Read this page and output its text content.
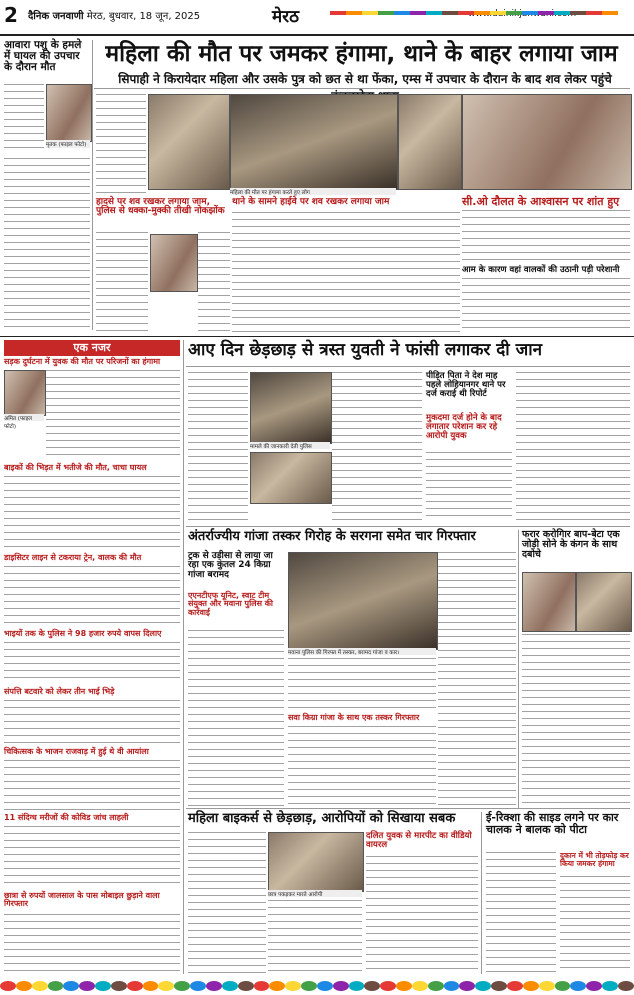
2 दैनिक जनवाणी मेरठ, बुधवार, 18 जून, 2025	मेरठ
आवारा पशु के हमले में घायल की उपचार के दौरान मौत
मृतक (फाइल फोटो)
महिला की मौत पर जमकर हंगामा, थाने के बाहर लगाया जाम
सिपाही ने किरायेदार महिला और उसके पुत्र को छत से था फेंका, एम्स में उपचार के दौरान के बाद शव लेकर पहुंचे
महिला की मौत पर हंगामा करते हुए लोग
हादसे पर शव रखकर लगाया जाम, पुलिस से धक्का-मुक्की तीखी नोकझोंक
थाने के सामने हाईवे पर शव रखकर लगाया जाम	सी.ओ दौलत के आश्वासन पर शांत हुए
आम के कारण वहां वालकों की उठानी पड़ी परेशानी
एक नजर
सड़क दुर्घटना में युवक की मौत पर परिजनों का हंगामा
अमित (फाइल फोटो)
बाइकों की भिड़त में भतीजे की मौत, चाचा घायल
डाइसिटर लाइन से टकराया ट्रेन, वालक की मौत
भाइयों तक के पुलिस ने 98 हजार रुपये वापस दिलाए
संपत्ति बटवारे को लेकर तीन भाई भिड़े
चिकित्सक के भाजन राजवाड़ में हुई थे वी आयांला
11 संदिग्ध मरीजों की कोविड जांच लाहली
छात्रा से रुपयों जालसाल के पास मोबाइल छुड़ाने वाला गिरफ्तार
आए दिन छेड़छाड़ से त्रस्त युवती ने फांसी लगाकर दी जान
मामले की जानकारी देती पुलिस
पीड़ित पिता ने देश माह पहले लोहियानगर थाने पर दर्ज कराई थी रिपोर्ट
मुकदमा दर्ज होने के बाद लगातार परेशान कर रहे आरोपी युवक
अंतर्राज्यीय गांजा तस्कर गिरोह के सरगना समेत चार गिरफ्तार
ट्रक से उड़ीसा से लाया जा रहा एक कुंतल 24 किग्रा गांजा बरामद
एएनटीएफ यूनिट, स्वाट टीम संयुक्त और मवाना पुलिस की कार्रवाई
मवाना पुलिस की गिरफ्त में तस्कर, बरामद गांजा व कार।
सवा किग्रा गांजा के साथ एक तस्कर गिरफ्तार
फरार करोगिार बाप-बेटा एक जोड़ी सोने के कंगन के साथ दबोचे
महिला बाइकर्स से छेड़छाड़, आरोपियों को सिखाया सबक
छात्र पकड़कर मारते आरोपी
दलित युवक से मारपीट का वीडियो वायरल
ई-रिक्शा की साइड लगने पर कार चालक ने बालक को पीटा
दुकान में भी तोड़फोड़ कर किया जमकर हंगामा
